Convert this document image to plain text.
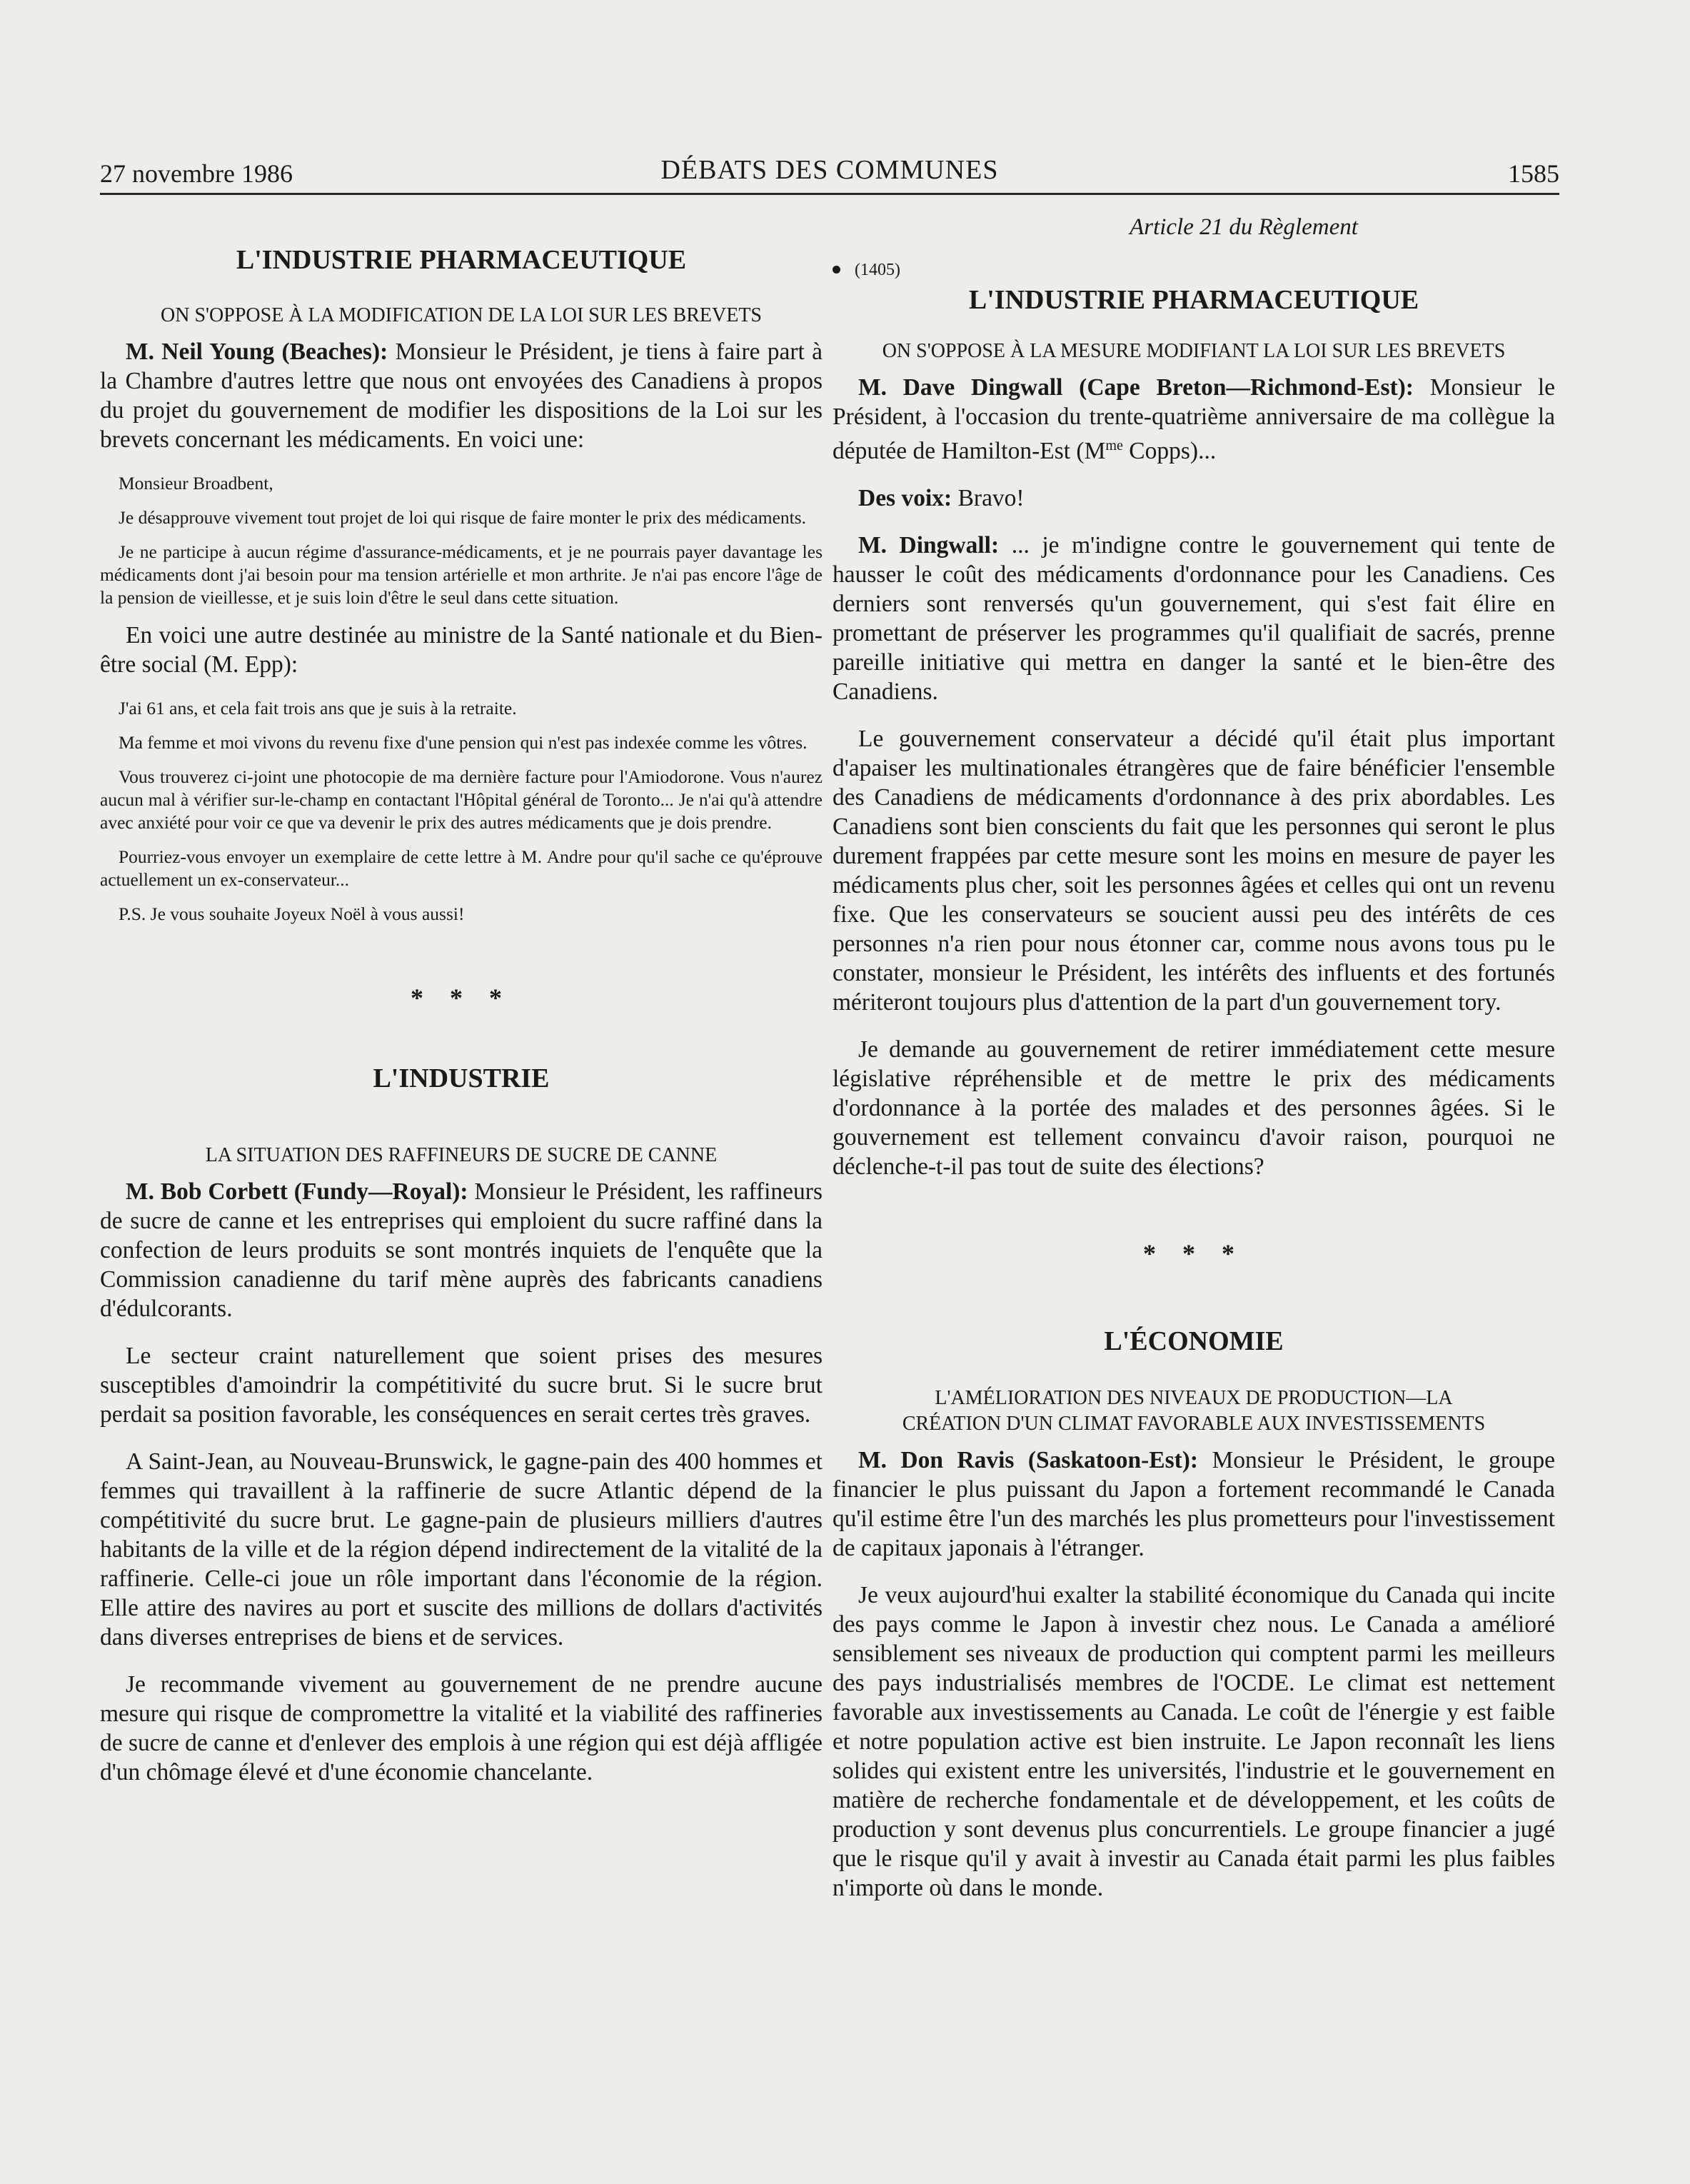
27 novembre 1986	DÉBATS DES COMMUNES	1585
L'INDUSTRIE PHARMACEUTIQUE
ON S'OPPOSE À LA MODIFICATION DE LA LOI SUR LES BREVETS

M. Neil Young (Beaches): Monsieur le Président, je tiens à faire part à la Chambre d'autres lettre que nous ont envoyées des Canadiens à propos du projet du gouvernement de modifier les dispositions de la Loi sur les brevets concernant les médicaments. En voici une:

Monsieur Broadbent,

Je désapprouve vivement tout projet de loi qui risque de faire monter le prix des médicaments.

Je ne participe à aucun régime d'assurance-médicaments, et je ne pourrais payer davantage les médicaments dont j'ai besoin pour ma tension artérielle et mon arthrite. Je n'ai pas encore l'âge de la pension de vieillesse, et je suis loin d'être le seul dans cette situation.

En voici une autre destinée au ministre de la Santé nationale et du Bien-être social (M. Epp):

J'ai 61 ans, et cela fait trois ans que je suis à la retraite.

Ma femme et moi vivons du revenu fixe d'une pension qui n'est pas indexée comme les vôtres.

Vous trouverez ci-joint une photocopie de ma dernière facture pour l'Amiodorone. Vous n'aurez aucun mal à vérifier sur-le-champ en contactant l'Hôpital général de Toronto... Je n'ai qu'à attendre avec anxiété pour voir ce que va devenir le prix des autres médicaments que je dois prendre.

Pourriez-vous envoyer un exemplaire de cette lettre à M. Andre pour qu'il sache ce qu'éprouve actuellement un ex-conservateur...

P.S. Je vous souhaite Joyeux Noël à vous aussi!

* * *
L'INDUSTRIE
LA SITUATION DES RAFFINEURS DE SUCRE DE CANNE

M. Bob Corbett (Fundy—Royal): Monsieur le Président, les raffineurs de sucre de canne et les entreprises qui emploient du sucre raffiné dans la confection de leurs produits se sont montrés inquiets de l'enquête que la Commission canadienne du tarif mène auprès des fabricants canadiens d'édulcorants.

Le secteur craint naturellement que soient prises des mesures susceptibles d'amoindrir la compétitivité du sucre brut. Si le sucre brut perdait sa position favorable, les conséquences en serait certes très graves.

A Saint-Jean, au Nouveau-Brunswick, le gagne-pain des 400 hommes et femmes qui travaillent à la raffinerie de sucre Atlantic dépend de la compétitivité du sucre brut. Le gagne-pain de plusieurs milliers d'autres habitants de la ville et de la région dépend indirectement de la vitalité de la raffinerie. Celle-ci joue un rôle important dans l'économie de la région. Elle attire des navires au port et suscite des millions de dollars d'activités dans diverses entreprises de biens et de services.

Je recommande vivement au gouvernement de ne prendre aucune mesure qui risque de compromettre la vitalité et la viabilité des raffineries de sucre de canne et d'enlever des emplois à une région qui est déjà affligée d'un chômage élevé et d'une économie chancelante.

Article 21 du Règlement
(1405)
L'INDUSTRIE PHARMACEUTIQUE
ON S'OPPOSE À LA MESURE MODIFIANT LA LOI SUR LES BREVETS

M. Dave Dingwall (Cape Breton—Richmond-Est): Monsieur le Président, à l'occasion du trente-quatrième anniversaire de ma collègue la députée de Hamilton-Est ($M^{me}$ Copps)...

Des voix: Bravo!

M. Dingwall: ... je m'indigne contre le gouvernement qui tente de hausser le coût des médicaments d'ordonnance pour les Canadiens. Ces derniers sont renversés qu'un gouvernement, qui s'est fait élire en promettant de préserver les programmes qu'il qualifiait de sacrés, prenne pareille initiative qui mettra en danger la santé et le bien-être des Canadiens.

Le gouvernement conservateur a décidé qu'il était plus important d'apaiser les multinationales étrangères que de faire bénéficier l'ensemble des Canadiens de médicaments d'ordonnance à des prix abordables. Les Canadiens sont bien conscients du fait que les personnes qui seront le plus durement frappées par cette mesure sont les moins en mesure de payer les médicaments plus cher, soit les personnes âgées et celles qui ont un revenu fixe. Que les conservateurs se soucient aussi peu des intérêts de ces personnes n'a rien pour nous étonner car, comme nous avons tous pu le constater, monsieur le Président, les intérêts des influents et des fortunés mériteront toujours plus d'attention de la part d'un gouvernement tory.

Je demande au gouvernement de retirer immédiatement cette mesure législative répréhensible et de mettre le prix des médicaments d'ordonnance à la portée des malades et des personnes âgées. Si le gouvernement est tellement convaincu d'avoir raison, pourquoi ne déclenche-t-il pas tout de suite des élections?

* * *
L'ÉCONOMIE
L'AMÉLIORATION DES NIVEAUX DE PRODUCTION—LA
CRÉATION D'UN CLIMAT FAVORABLE AUX INVESTISSEMENTS

M. Don Ravis (Saskatoon-Est): Monsieur le Président, le groupe financier le plus puissant du Japon a fortement recommandé le Canada qu'il estime être l'un des marchés les plus prometteurs pour l'investissement de capitaux japonais à l'étranger.

Je veux aujourd'hui exalter la stabilité économique du Canada qui incite des pays comme le Japon à investir chez nous. Le Canada a amélioré sensiblement ses niveaux de production qui comptent parmi les meilleurs des pays industrialisés membres de l'OCDE. Le climat est nettement favorable aux investissements au Canada. Le coût de l'énergie y est faible et notre population active est bien instruite. Le Japon reconnaît les liens solides qui existent entre les universités, l'industrie et le gouvernement en matière de recherche fondamentale et de développement, et les coûts de production y sont devenus plus concurrentiels. Le groupe financier a jugé que le risque qu'il y avait à investir au Canada était parmi les plus faibles n'importe où dans le monde.
